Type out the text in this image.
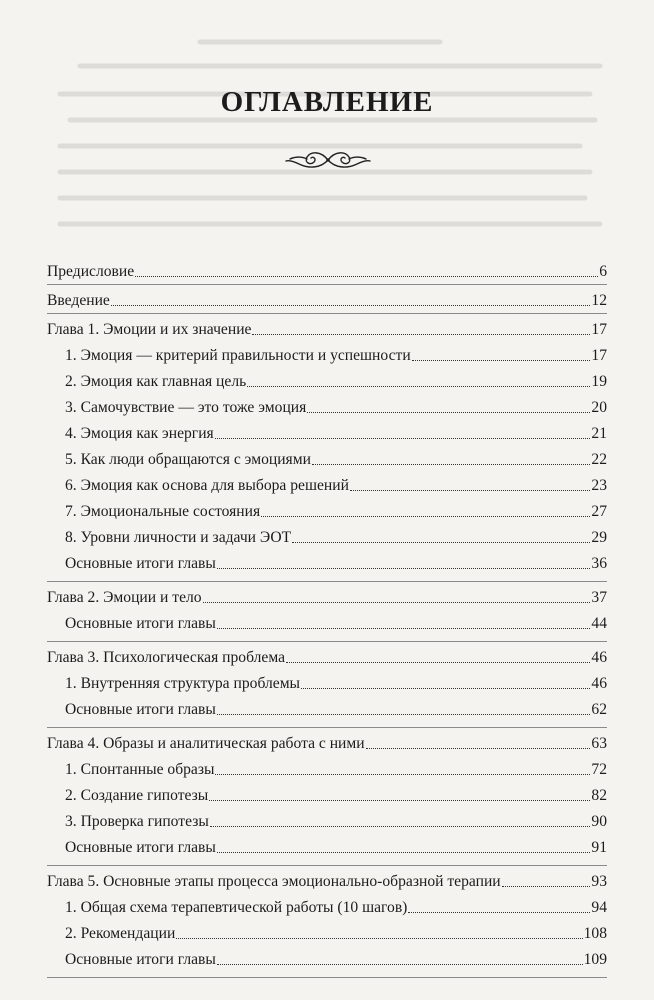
ОГЛАВЛЕНИЕ
Предисловие	6
Введение	12
Глава 1. Эмоции и их значение	17
1. Эмоция — критерий правильности и успешности	17
2. Эмоция как главная цель	19
3. Самочувствие — это тоже эмоция	20
4. Эмоция как энергия	21
5. Как люди обращаются с эмоциями	22
6. Эмоция как основа для выбора решений	23
7. Эмоциональные состояния	27
8. Уровни личности и задачи ЭОТ	29
Основные итоги главы	36
Глава 2. Эмоции и тело	37
Основные итоги главы	44
Глава 3. Психологическая проблема	46
1. Внутренняя структура проблемы	46
Основные итоги главы	62
Глава 4. Образы и аналитическая работа с ними	63
1. Спонтанные образы	72
2. Создание гипотезы	82
3. Проверка гипотезы	90
Основные итоги главы	91
Глава 5. Основные этапы процесса эмоционально-образной терапии	93
1. Общая схема терапевтической работы (10 шагов)	94
2. Рекомендации	108
Основные итоги главы	109
